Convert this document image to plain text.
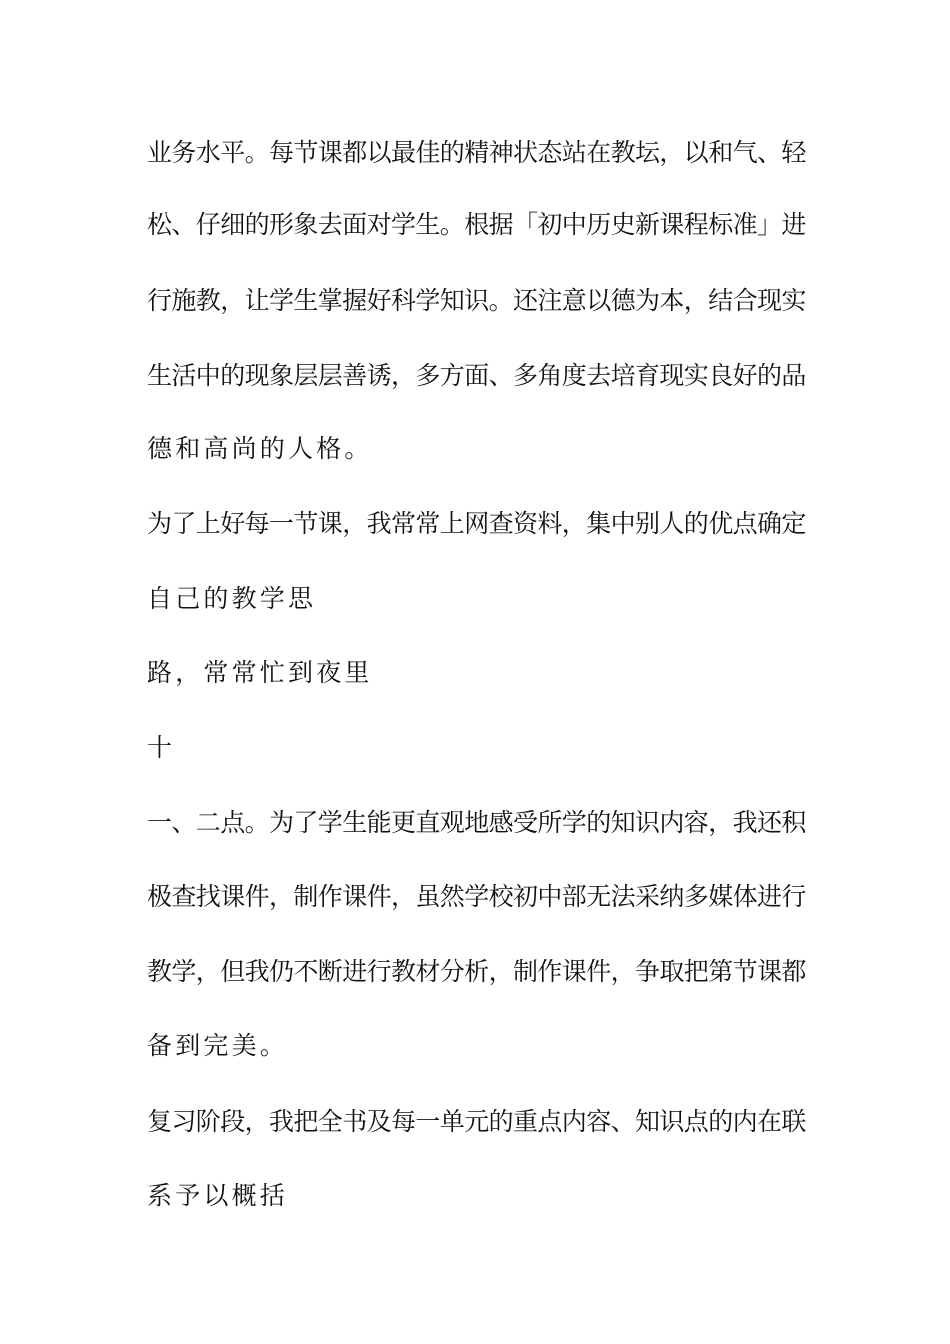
业务水平。每节课都以最佳的精神状态站在教坛，以和气、轻
松、仔细的形象去面对学生。根据「初中历史新课程标准」进
行施教，让学生掌握好科学知识。还注意以德为本，结合现实
生活中的现象层层善诱，多方面、多角度去培育现实良好的品
德和高尚的人格。
为了上好每一节课，我常常上网查资料，集中别人的优点确定
自己的教学思
路，常常忙到夜里
十
一、二点。为了学生能更直观地感受所学的知识内容，我还积
极查找课件，制作课件，虽然学校初中部无法采纳多媒体进行
教学，但我仍不断进行教材分析，制作课件，争取把第节课都
备到完美。
复习阶段，我把全书及每一单元的重点内容、知识点的内在联
系予以概括
